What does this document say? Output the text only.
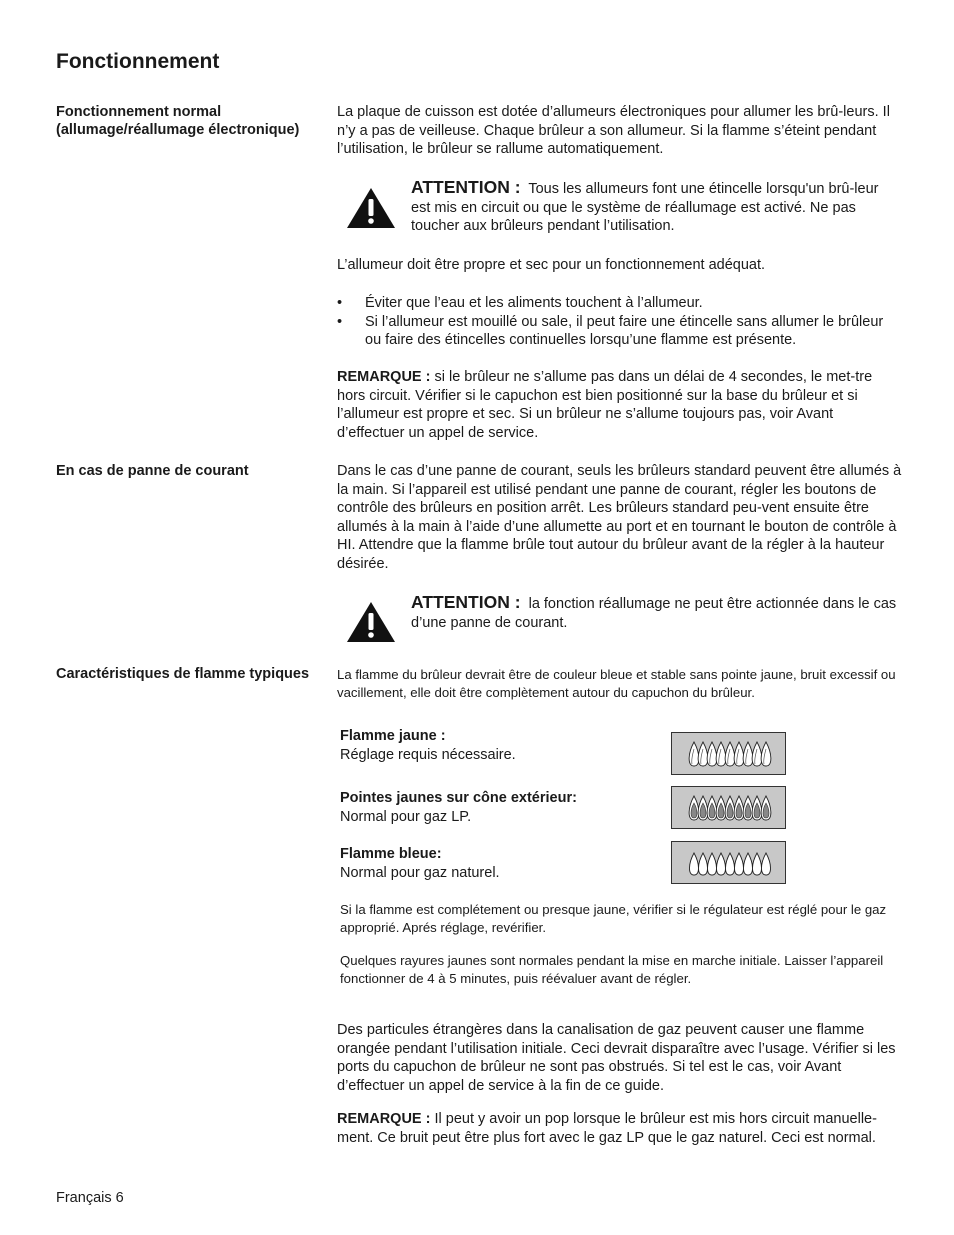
Fonctionnement
Fonctionnement normal
(allumage/réallumage électronique)

La plaque de cuisson est dotée d’allumeurs électroniques pour allumer les brû-leurs. Il n’y a pas de veilleuse. Chaque brûleur a son allumeur. Si la flamme s’éteint pendant l’utilisation, le brûleur se rallume automatiquement.

ATTENTION : Tous les allumeurs font une étincelle lorsqu'un brû-leur est mis en circuit ou que le système de réallumage est activé. Ne pas toucher aux brûleurs pendant l’utilisation.

L’allumeur doit être propre et sec pour un fonctionnement adéquat.

• Éviter que l’eau et les aliments touchent à l’allumeur.
• Si l’allumeur est mouillé ou sale, il peut faire une étincelle sans allumer le brûleur ou faire des étincelles continuelles lorsqu’une flamme est présente.

REMARQUE : si le brûleur ne s’allume pas dans un délai de 4 secondes, le met-tre hors circuit. Vérifier si le capuchon est bien positionné sur la base du brûleur et si l’allumeur est propre et sec. Si un brûleur ne s’allume toujours pas, voir Avant d’effectuer un appel de service.

En cas de panne de courant	Dans le cas d’une panne de courant, seuls les brûleurs standard peuvent être allumés à la main. Si l’appareil est utilisé pendant une panne de courant, régler les boutons de contrôle des brûleurs en position arrêt. Les brûleurs standard peu-vent ensuite être allumés à la main à l’aide d’une allumette au port et en tournant le bouton de contrôle à HI. Attendre que la flamme brûle tout autour du brûleur avant de la régler à la hauteur désirée.

ATTENTION : la fonction réallumage ne peut être actionnée dans le cas d’une panne de courant.

Caractéristiques de flamme typiques	La flamme du brûleur devrait être de couleur bleue et stable sans pointe jaune, bruit excessif ou vacillement, elle doit être complètement autour du capuchon du brûleur.

Flamme jaune :
Réglage requis nécessaire.
Pointes jaunes sur cône extérieur:
Normal pour gaz LP.
Flamme bleue:
Normal pour gaz naturel.

Si la flamme est complétement ou presque jaune, vérifier si le régulateur est réglé pour le gaz approprié. Aprés réglage, revérifier.

Quelques rayures jaunes sont normales pendant la mise en marche initiale. Laisser l’appareil fonctionner de 4 à 5 minutes, puis réévaluer avant de régler.

Des particules étrangères dans la canalisation de gaz peuvent causer une flamme orangée pendant l’utilisation initiale. Ceci devrait disparaître avec l’usage. Vérifier si les ports du capuchon de brûleur ne sont pas obstrués. Si tel est le cas, voir Avant d’effectuer un appel de service à la fin de ce guide.

REMARQUE : Il peut y avoir un pop lorsque le brûleur est mis hors circuit manuelle-ment. Ce bruit peut être plus fort avec le gaz LP que le gaz naturel. Ceci est normal.

Français 6
